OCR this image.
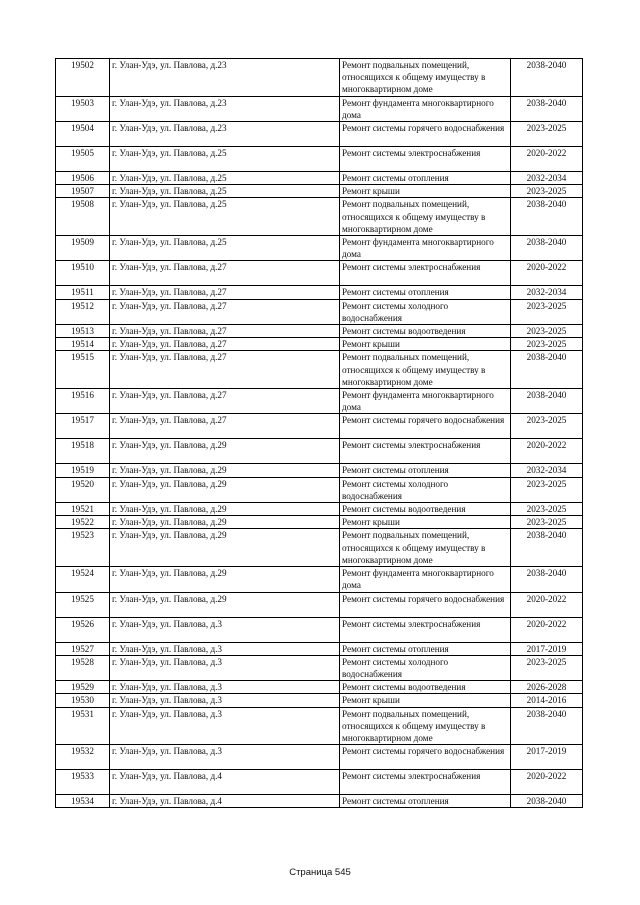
19502	г. Улан-Удэ, ул. Павлова, д.23	Ремонт подвальных помещений, относящихся к общему имуществу в многоквартирном доме	2038-2040
19503	г. Улан-Удэ, ул. Павлова, д.23	Ремонт фундамента многоквартирного дома	2038-2040
19504	г. Улан-Удэ, ул. Павлова, д.23	Ремонт системы горячего водоснабжения	2023-2025
19505	г. Улан-Удэ, ул. Павлова, д.25	Ремонт системы электроснабжения	2020-2022
19506	г. Улан-Удэ, ул. Павлова, д.25	Ремонт системы отопления	2032-2034
19507	г. Улан-Удэ, ул. Павлова, д.25	Ремонт крыши	2023-2025
19508	г. Улан-Удэ, ул. Павлова, д.25	Ремонт подвальных помещений, относящихся к общему имуществу в многоквартирном доме	2038-2040
19509	г. Улан-Удэ, ул. Павлова, д.25	Ремонт фундамента многоквартирного дома	2038-2040
19510	г. Улан-Удэ, ул. Павлова, д.27	Ремонт системы электроснабжения	2020-2022
19511	г. Улан-Удэ, ул. Павлова, д.27	Ремонт системы отопления	2032-2034
19512	г. Улан-Удэ, ул. Павлова, д.27	Ремонт системы холодного водоснабжения	2023-2025
19513	г. Улан-Удэ, ул. Павлова, д.27	Ремонт системы водоотведения	2023-2025
19514	г. Улан-Удэ, ул. Павлова, д.27	Ремонт крыши	2023-2025
19515	г. Улан-Удэ, ул. Павлова, д.27	Ремонт подвальных помещений, относящихся к общему имуществу в многоквартирном доме	2038-2040
19516	г. Улан-Удэ, ул. Павлова, д.27	Ремонт фундамента многоквартирного дома	2038-2040
19517	г. Улан-Удэ, ул. Павлова, д.27	Ремонт системы горячего водоснабжения	2023-2025
19518	г. Улан-Удэ, ул. Павлова, д.29	Ремонт системы электроснабжения	2020-2022
19519	г. Улан-Удэ, ул. Павлова, д.29	Ремонт системы отопления	2032-2034
19520	г. Улан-Удэ, ул. Павлова, д.29	Ремонт системы холодного водоснабжения	2023-2025
19521	г. Улан-Удэ, ул. Павлова, д.29	Ремонт системы водоотведения	2023-2025
19522	г. Улан-Удэ, ул. Павлова, д.29	Ремонт крыши	2023-2025
19523	г. Улан-Удэ, ул. Павлова, д.29	Ремонт подвальных помещений, относящихся к общему имуществу в многоквартирном доме	2038-2040
19524	г. Улан-Удэ, ул. Павлова, д.29	Ремонт фундамента многоквартирного дома	2038-2040
19525	г. Улан-Удэ, ул. Павлова, д.29	Ремонт системы горячего водоснабжения	2020-2022
19526	г. Улан-Удэ, ул. Павлова, д.3	Ремонт системы электроснабжения	2020-2022
19527	г. Улан-Удэ, ул. Павлова, д.3	Ремонт системы отопления	2017-2019
19528	г. Улан-Удэ, ул. Павлова, д.3	Ремонт системы холодного водоснабжения	2023-2025
19529	г. Улан-Удэ, ул. Павлова, д.3	Ремонт системы водоотведения	2026-2028
19530	г. Улан-Удэ, ул. Павлова, д.3	Ремонт крыши	2014-2016
19531	г. Улан-Удэ, ул. Павлова, д.3	Ремонт подвальных помещений, относящихся к общему имуществу в многоквартирном доме	2038-2040
19532	г. Улан-Удэ, ул. Павлова, д.3	Ремонт системы горячего водоснабжения	2017-2019
19533	г. Улан-Удэ, ул. Павлова, д.4	Ремонт системы электроснабжения	2020-2022
19534	г. Улан-Удэ, ул. Павлова, д.4	Ремонт системы отопления	2038-2040
Страница 545
